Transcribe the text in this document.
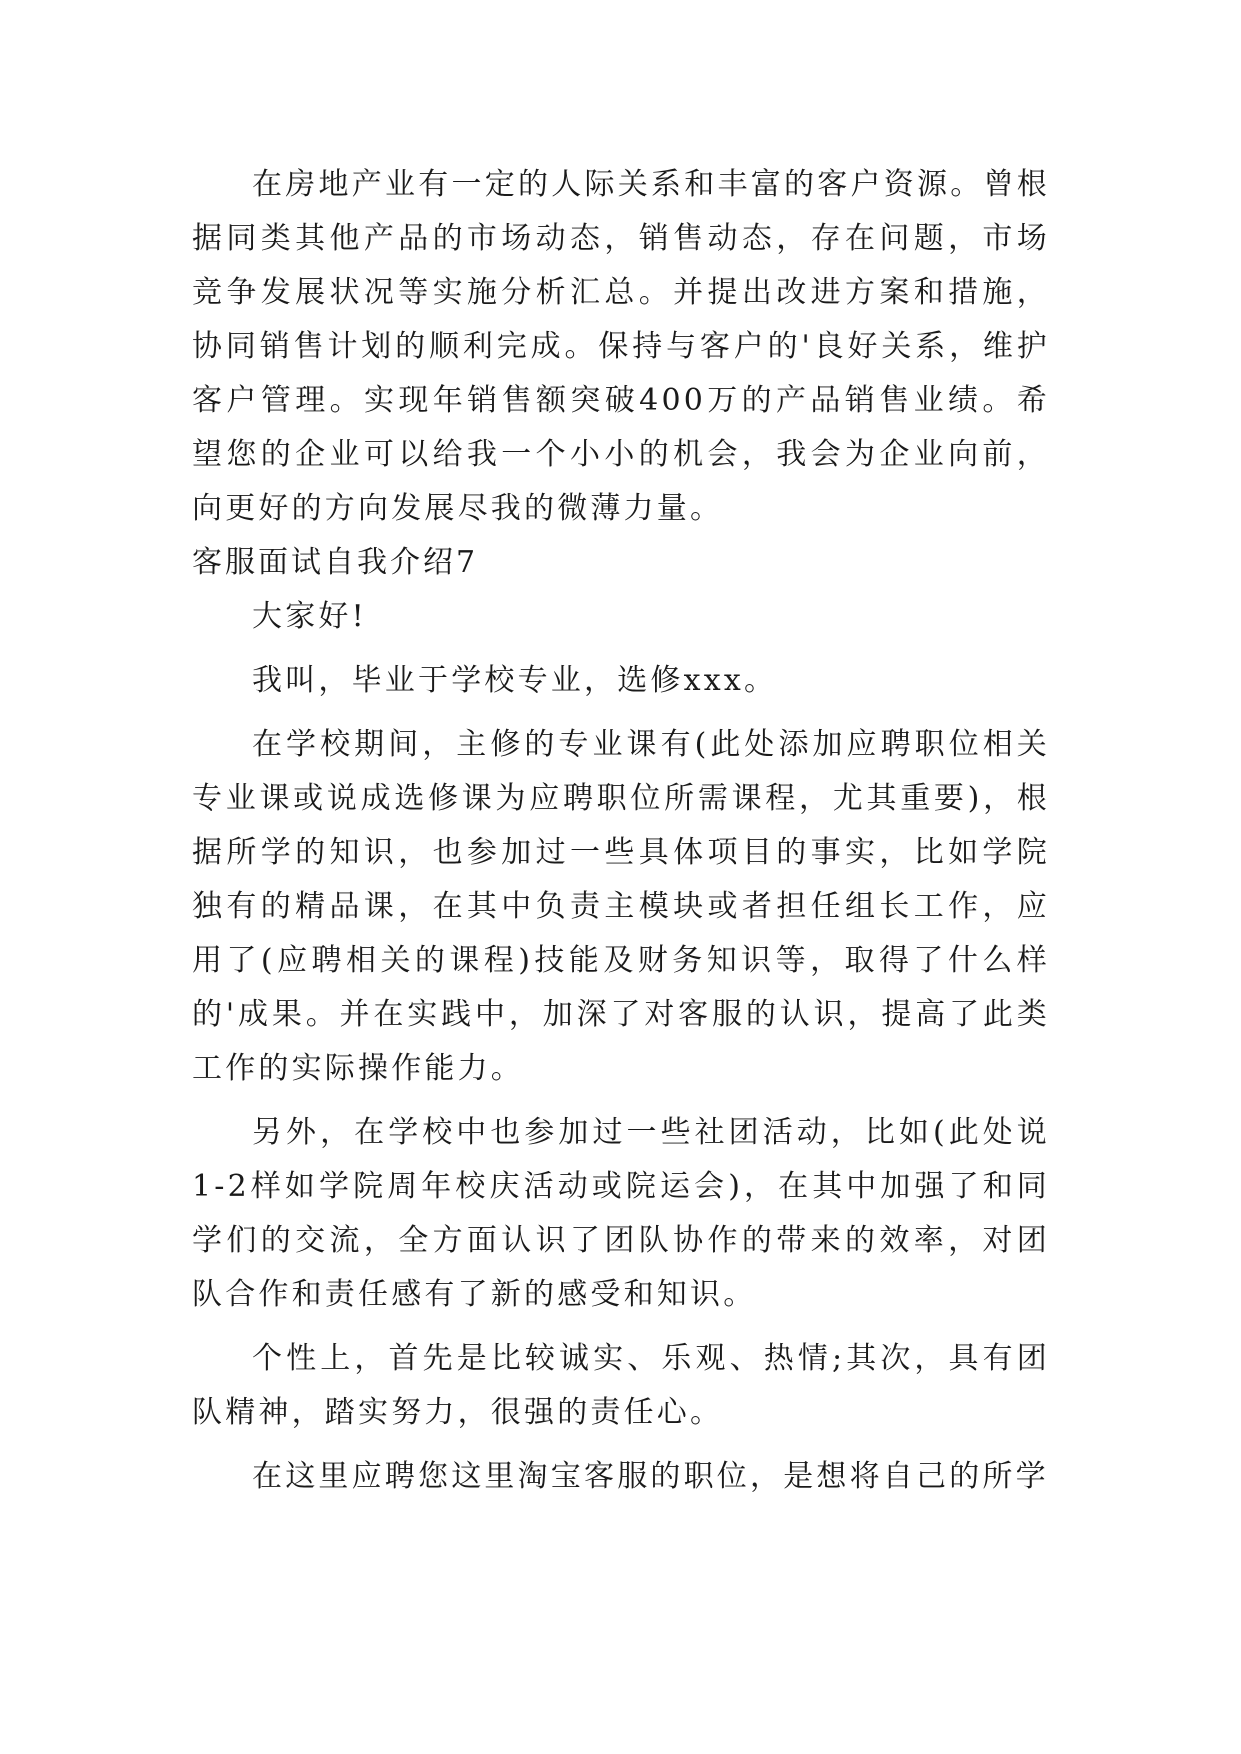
在房地产业有一定的人际关系和丰富的客户资源。曾根据同类其他产品的市场动态，销售动态，存在问题，市场竞争发展状况等实施分析汇总。并提出改进方案和措施，协同销售计划的顺利完成。保持与客户的'良好关系，维护客户管理。实现年销售额突破400万的产品销售业绩。希望您的企业可以给我一个小小的机会，我会为企业向前，向更好的方向发展尽我的微薄力量。

客服面试自我介绍7

大家好!

我叫，毕业于学校专业，选修xxx。

在学校期间，主修的专业课有(此处添加应聘职位相关专业课或说成选修课为应聘职位所需课程，尤其重要)，根据所学的知识，也参加过一些具体项目的事实，比如学院独有的精品课，在其中负责主模块或者担任组长工作，应用了(应聘相关的课程)技能及财务知识等，取得了什么样的'成果。并在实践中，加深了对客服的认识，提高了此类工作的实际操作能力。

另外，在学校中也参加过一些社团活动，比如(此处说1-2样如学院周年校庆活动或院运会)，在其中加强了和同学们的交流，全方面认识了团队协作的带来的效率，对团队合作和责任感有了新的感受和知识。

个性上，首先是比较诚实、乐观、热情;其次，具有团队精神，踏实努力，很强的责任心。

在这里应聘您这里淘宝客服的职位，是想将自己的所学
